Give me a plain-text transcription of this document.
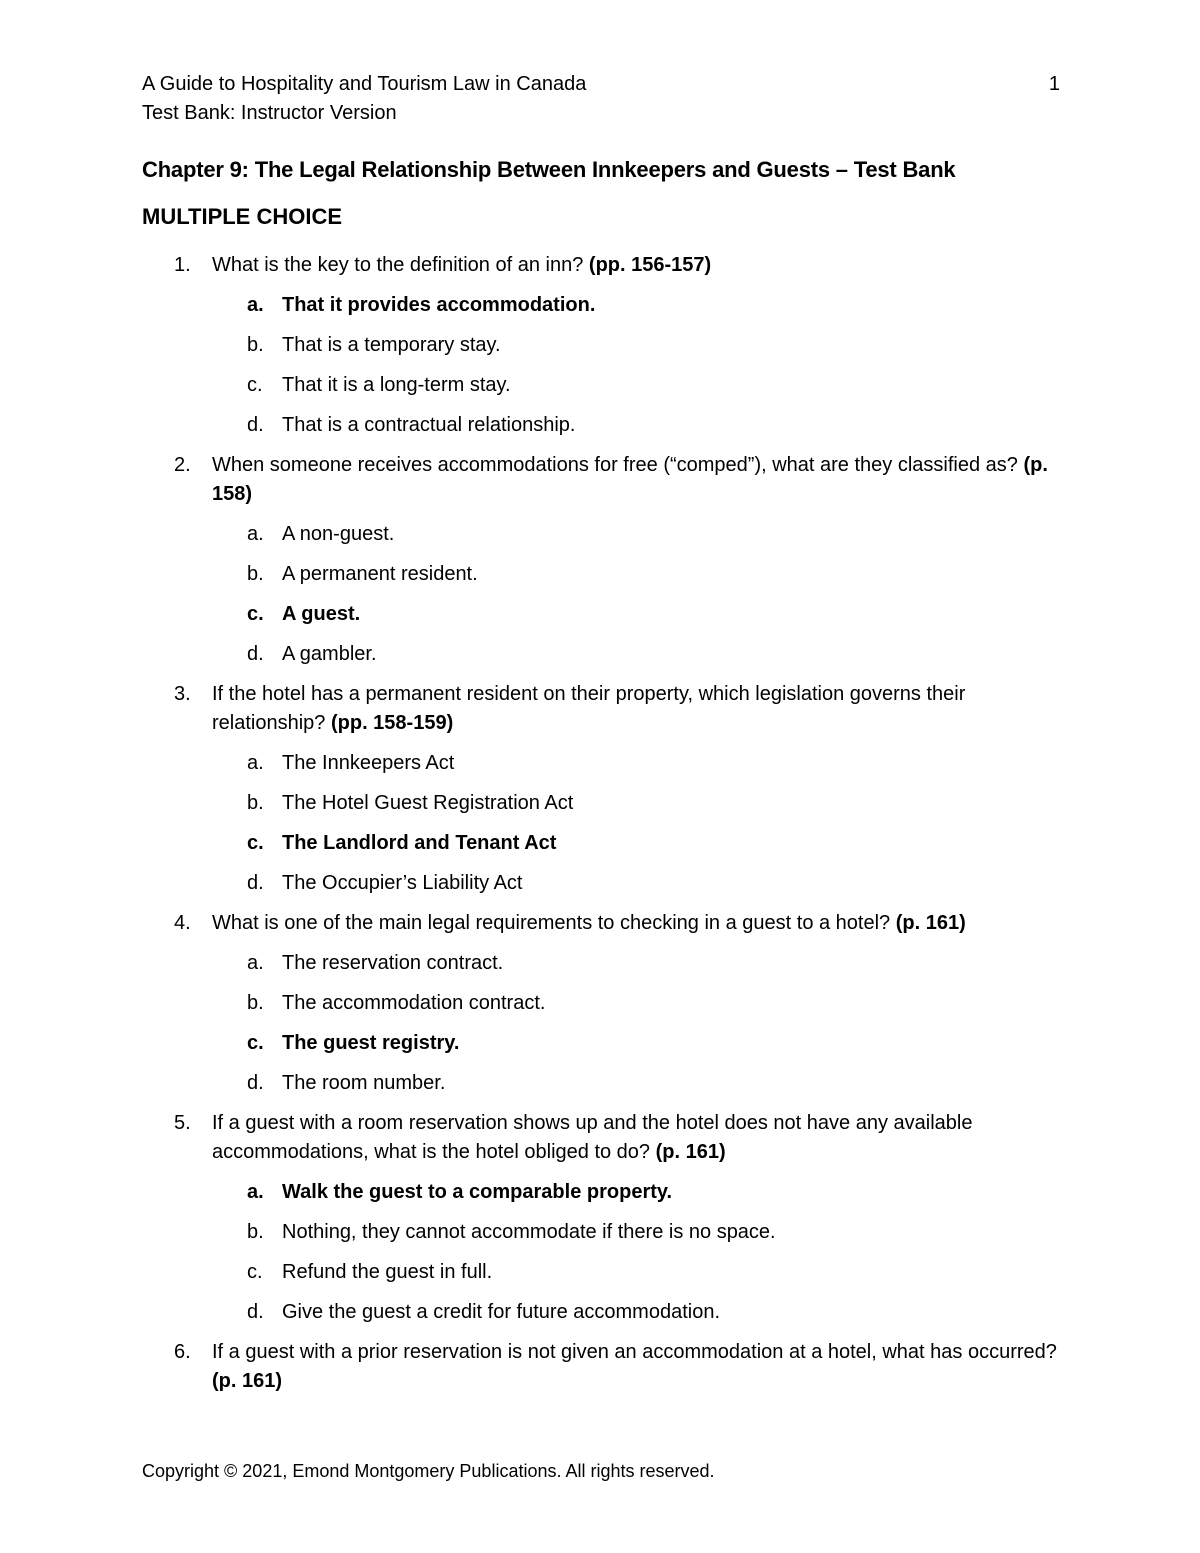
A Guide to Hospitality and Tourism Law in Canada
Test Bank: Instructor Version
1
Chapter 9: The Legal Relationship Between Innkeepers and Guests – Test Bank
MULTIPLE CHOICE
1. What is the key to the definition of an inn? (pp. 156-157)
a. That it provides accommodation.
b. That is a temporary stay.
c. That it is a long-term stay.
d. That is a contractual relationship.
2. When someone receives accommodations for free (“comped”), what are they classified as? (p. 158)
a. A non-guest.
b. A permanent resident.
c. A guest.
d. A gambler.
3. If the hotel has a permanent resident on their property, which legislation governs their relationship? (pp. 158-159)
a. The Innkeepers Act
b. The Hotel Guest Registration Act
c. The Landlord and Tenant Act
d. The Occupier’s Liability Act
4. What is one of the main legal requirements to checking in a guest to a hotel? (p. 161)
a. The reservation contract.
b. The accommodation contract.
c. The guest registry.
d. The room number.
5. If a guest with a room reservation shows up and the hotel does not have any available accommodations, what is the hotel obliged to do? (p. 161)
a. Walk the guest to a comparable property.
b. Nothing, they cannot accommodate if there is no space.
c. Refund the guest in full.
d. Give the guest a credit for future accommodation.
6. If a guest with a prior reservation is not given an accommodation at a hotel, what has occurred? (p. 161)
Copyright © 2021, Emond Montgomery Publications. All rights reserved.
